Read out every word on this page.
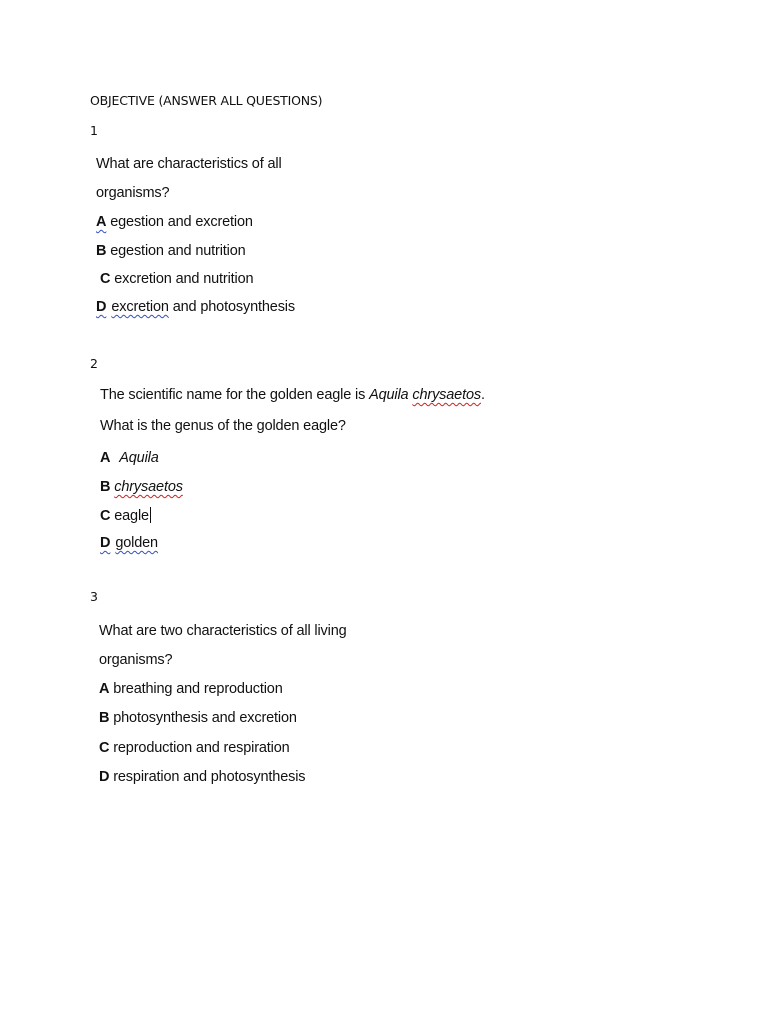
OBJECTIVE (ANSWER ALL QUESTIONS)
1
What are characteristics of all
organisms?
A egestion and excretion
B egestion and nutrition
C excretion and nutrition
D excretion and photosynthesis
2
The scientific name for the golden eagle is Aquila chrysaetos.
What is the genus of the golden eagle?
A Aquila
B chrysaetos
C eagle
D golden
3
What are two characteristics of all living
organisms?
A breathing and reproduction
B photosynthesis and excretion
C reproduction and respiration
D respiration and photosynthesis
